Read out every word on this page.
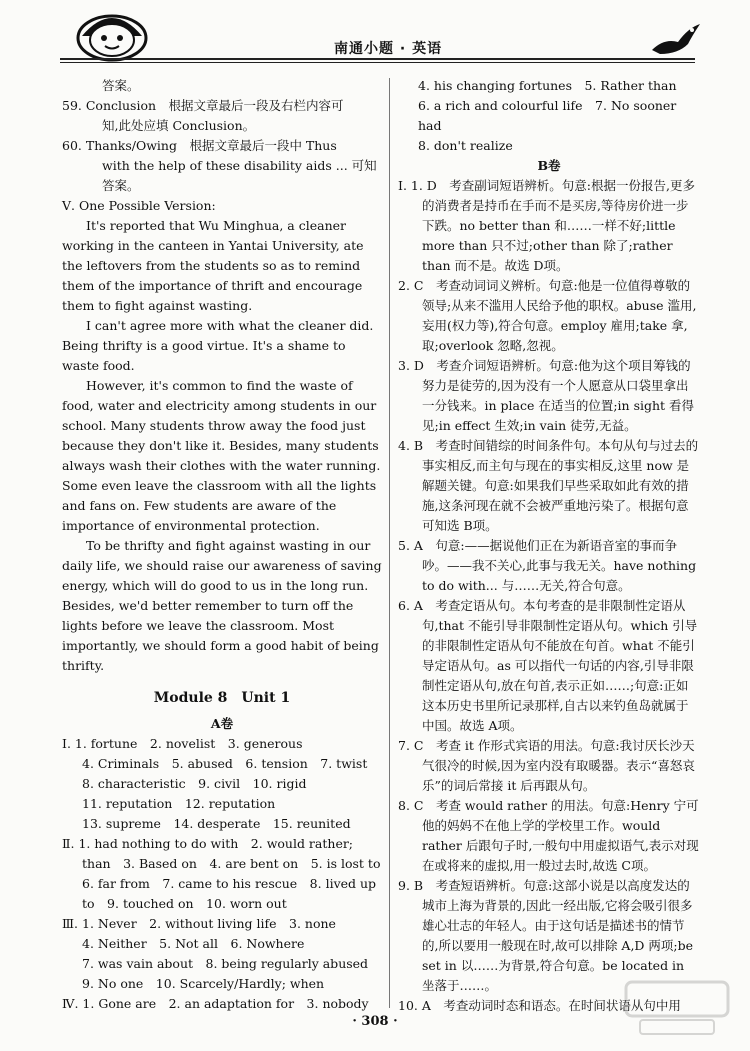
南通小题 · 英语

答案。

59. Conclusion　根据文章最后一段及右栏内容可

知,此处应填 Conclusion。

60. Thanks/Owing　根据文章最后一段中 Thus

with the help of these disability aids ... 可知

答案。

Ⅴ. One Possible Version:

It's reported that Wu Minghua, a cleaner working in the canteen in Yantai University, ate the leftovers from the students so as to remind them of the importance of thrift and encourage them to fight against wasting.

I can't agree more with what the cleaner did. Being thrifty is a good virtue. It's a shame to waste food.

However, it's common to find the waste of food, water and electricity among students in our school. Many students throw away the food just because they don't like it. Besides, many students always wash their clothes with the water running. Some even leave the classroom with all the lights and fans on. Few students are aware of the importance of environmental protection.

To be thrifty and fight against wasting in our daily life, we should raise our awareness of saving energy, which will do good to us in the long run. Besides, we'd better remember to turn off the lights before we leave the classroom. Most importantly, we should form a good habit of being thrifty.

Module 8　Unit 1

A卷

Ⅰ. 1. fortune　2. novelist　3. generous

4. Criminals　5. abused　6. tension　7. twist

8. characteristic　9. civil　10. rigid

11. reputation　12. reputation

13. supreme　14. desperate　15. reunited

Ⅱ. 1. had nothing to do with　2. would rather;

than　3. Based on　4. are bent on　5. is lost to

6. far from　7. came to his rescue　8. lived up

to　9. touched on　10. worn out

Ⅲ. 1. Never　2. without living life　3. none

4. Neither　5. Not all　6. Nowhere

7. was vain about　8. being regularly abused

9. No one　10. Scarcely/Hardly; when

Ⅳ. 1. Gone are　2. an adaptation for　3. nobody

4. his changing fortunes　5. Rather than

6. a rich and colourful life　7. No sooner had

8. don't realize

B卷

Ⅰ. 1. D　考查副词短语辨析。句意:根据一份报告,更多的消费者是持币在手而不是买房,等待房价进一步下跌。no better than 和……一样不好;little more than 只不过;other than 除了;rather than 而不是。故选 D项。

2. C　考查动词词义辨析。句意:他是一位值得尊敬的领导;从来不滥用人民给予他的职权。abuse 滥用,妄用(权力等),符合句意。employ 雇用;take 拿,取;overlook 忽略,忽视。

3. D　考查介词短语辨析。句意:他为这个项目筹钱的努力是徒劳的,因为没有一个人愿意从口袋里拿出一分钱来。in place 在适当的位置;in sight 看得见;in effect 生效;in vain 徒劳,无益。

4. B　考查时间错综的时间条件句。本句从句与过去的事实相反,而主句与现在的事实相反,这里 now 是解题关键。句意:如果我们早些采取如此有效的措施,这条河现在就不会被严重地污染了。根据句意可知选 B项。

5. A　句意:——据说他们正在为新语音室的事而争吵。——我不关心,此事与我无关。have nothing to do with... 与……无关,符合句意。

6. A　考查定语从句。本句考查的是非限制性定语从句,that 不能引导非限制性定语从句。which 引导的非限制性定语从句不能放在句首。what 不能引导定语从句。as 可以指代一句话的内容,引导非限制性定语从句,放在句首,表示正如……;句意:正如这本历史书里所记录那样,自古以来钓鱼岛就属于中国。故选 A项。

7. C　考查 it 作形式宾语的用法。句意:我讨厌长沙天气很冷的时候,因为室内没有取暖器。表示“喜怒哀乐”的词后常接 it 后再跟从句。

8. C　考查 would rather 的用法。句意:Henry 宁可他的妈妈不在他上学的学校里工作。would rather 后跟句子时,一般句中用虚拟语气,表示对现在或将来的虚拟,用一般过去时,故选 C项。

9. B　考查短语辨析。句意:这部小说是以高度发达的城市上海为背景的,因此一经出版,它将会吸引很多雄心壮志的年轻人。由于这句话是描述书的情节的,所以要用一般现在时,故可以排除 A,D 两项;be set in 以……为背景,符合句意。be located in 坐落于……。

10. A　考查动词时态和语态。在时间状语从句中用

· 308 ·
